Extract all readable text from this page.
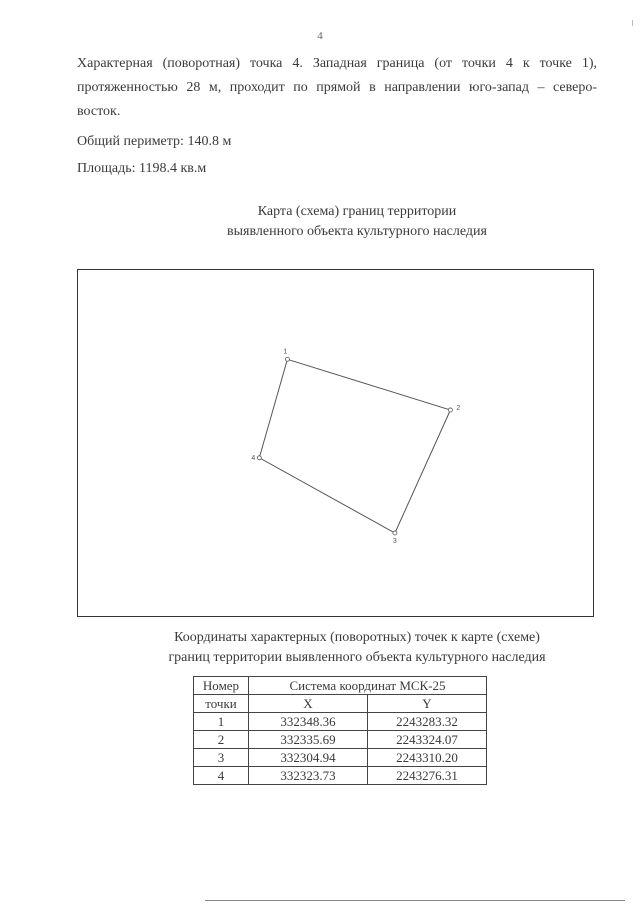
4
Характерная (поворотная) точка 4. Западная граница (от точки 4 к точке 1),
протяженностью 28 м, проходит по прямой в направлении юго-запад – северо-
восток.
Общий периметр: 140.8 м
Площадь: 1198.4 кв.м
Карта (схема) границ территории
выявленного объекта культурного наследия
1
2
3
4
Координаты характерных (поворотных) точек к карте (схеме)
границ территории выявленного объекта культурного наследия
Номер	Система координат МСК-25	
точки	X	Y
1	332348.36	2243283.32
2	332335.69	2243324.07
3	332304.94	2243310.20
4	332323.73	2243276.31
